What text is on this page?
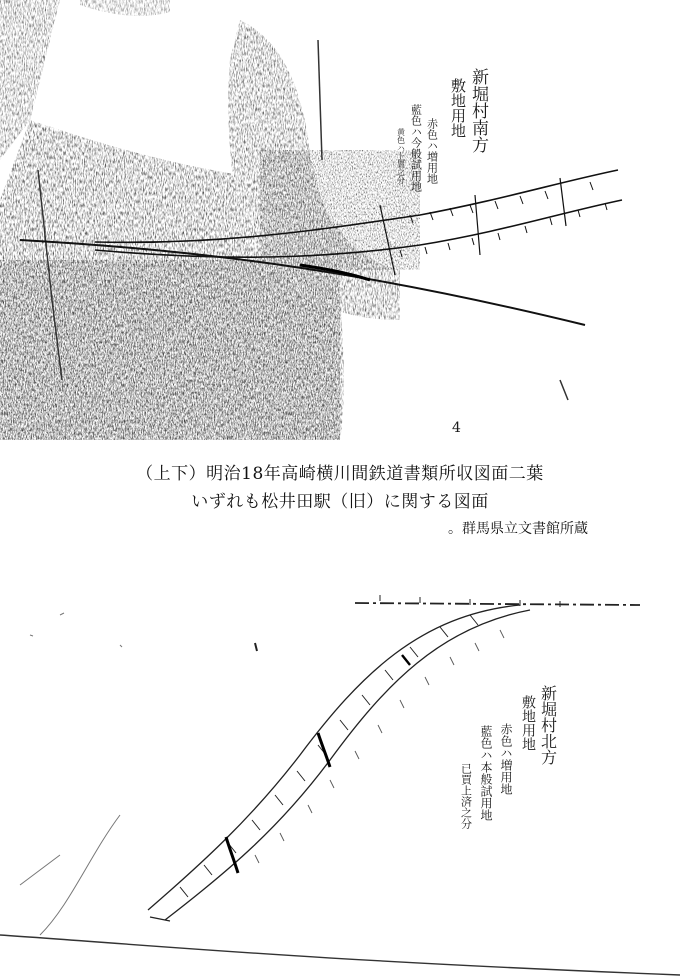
新堀村南方
敷地用地
赤色ハ増用地
藍色ハ今般試用地
黄色ハ上置之分
4
（上下）明治18年高崎横川間鉄道書類所収図面二葉
いずれも松井田駅（旧）に関する図面
。群馬県立文書館所蔵
新堀村北方
敷地用地
赤色ハ増用地
藍色ハ本般試用地
已買上済之分
